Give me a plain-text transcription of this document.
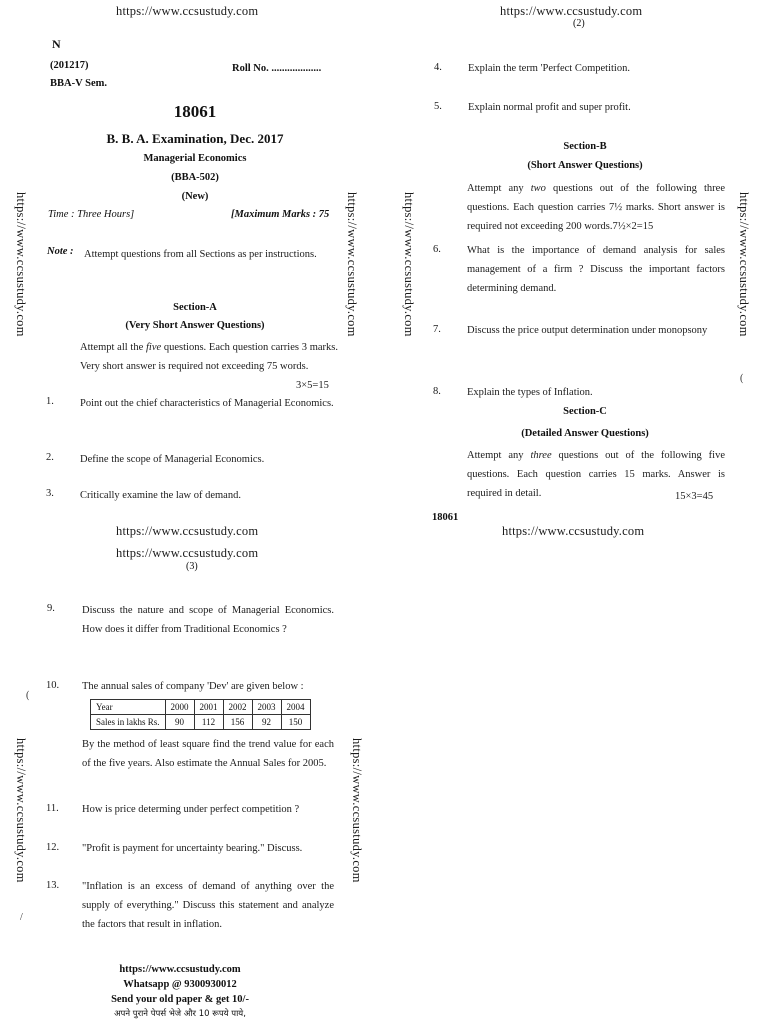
https://www.ccsustudy.com
N
(201217)	Roll No. ...................
BBA-V Sem.
18061
B. B. A. Examination, Dec. 2017
Managerial Economics
(BBA-502)
(New)
Time : Three Hours]	[Maximum Marks : 75
Note : Attempt questions from all Sections as per instructions.
Section-A
(Very Short Answer Questions)
Attempt all the five questions. Each question carries 3 marks. Very short answer is required not exceeding 75 words.
3×5=15
1. Point out the chief characteristics of Managerial Economics.
2. Define the scope of Managerial Economics.
3. Critically examine the law of demand.
https://www.ccsustudy.com
https://www.ccsustudy.com
(2)
4. Explain the term 'Perfect Competition.
5. Explain normal profit and super profit.
Section-B
(Short Answer Questions)
Attempt any two questions out of the following three questions. Each question carries 7½ marks. Short answer is required not exceeding 200 words.7½×2=15
6. What is the importance of demand analysis for sales management of a firm ? Discuss the important factors determining demand.
7. Discuss the price output determination under monopsony
8. Explain the types of Inflation.
Section-C
(Detailed Answer Questions)
Attempt any three questions out of the following five questions. Each question carries 15 marks. Answer is required in detail.	15×3=45
18061
https://www.ccsustudy.com
https://www.ccsustudy.com
(3)
9.	Discuss the nature and scope of Managerial Economics. How does it differ from Traditional Economics ?
10. The annual sales of company 'Dev' are given below :
Year	2000	2001	2002	2003	2004
Sales in lakhs Rs.	90	112	156	92	150
By the method of least square find the trend value for each of the five years. Also estimate the Annual Sales for 2005.
11. How is price determing under perfect competition ?
12. "Profit is payment for uncertainty bearing." Discuss.
13. "Inflation is an excess of demand of anything over the supply of everything." Discuss this statement and analyze the factors that result in inflation.
https://www.ccsustudy.com
Whatsapp @ 9300930012
Send your old paper & get 10/-
अपने पुराने पेपर्स भेजे और 10 रूपये पाये,
https://www.ccsustudy.com	https://www.ccsustudy.com	https://www.ccsustudy.com	https://www.ccsustudy.com
https://www.ccsustudy.com	https://www.ccsustudy.com
(
(
/
